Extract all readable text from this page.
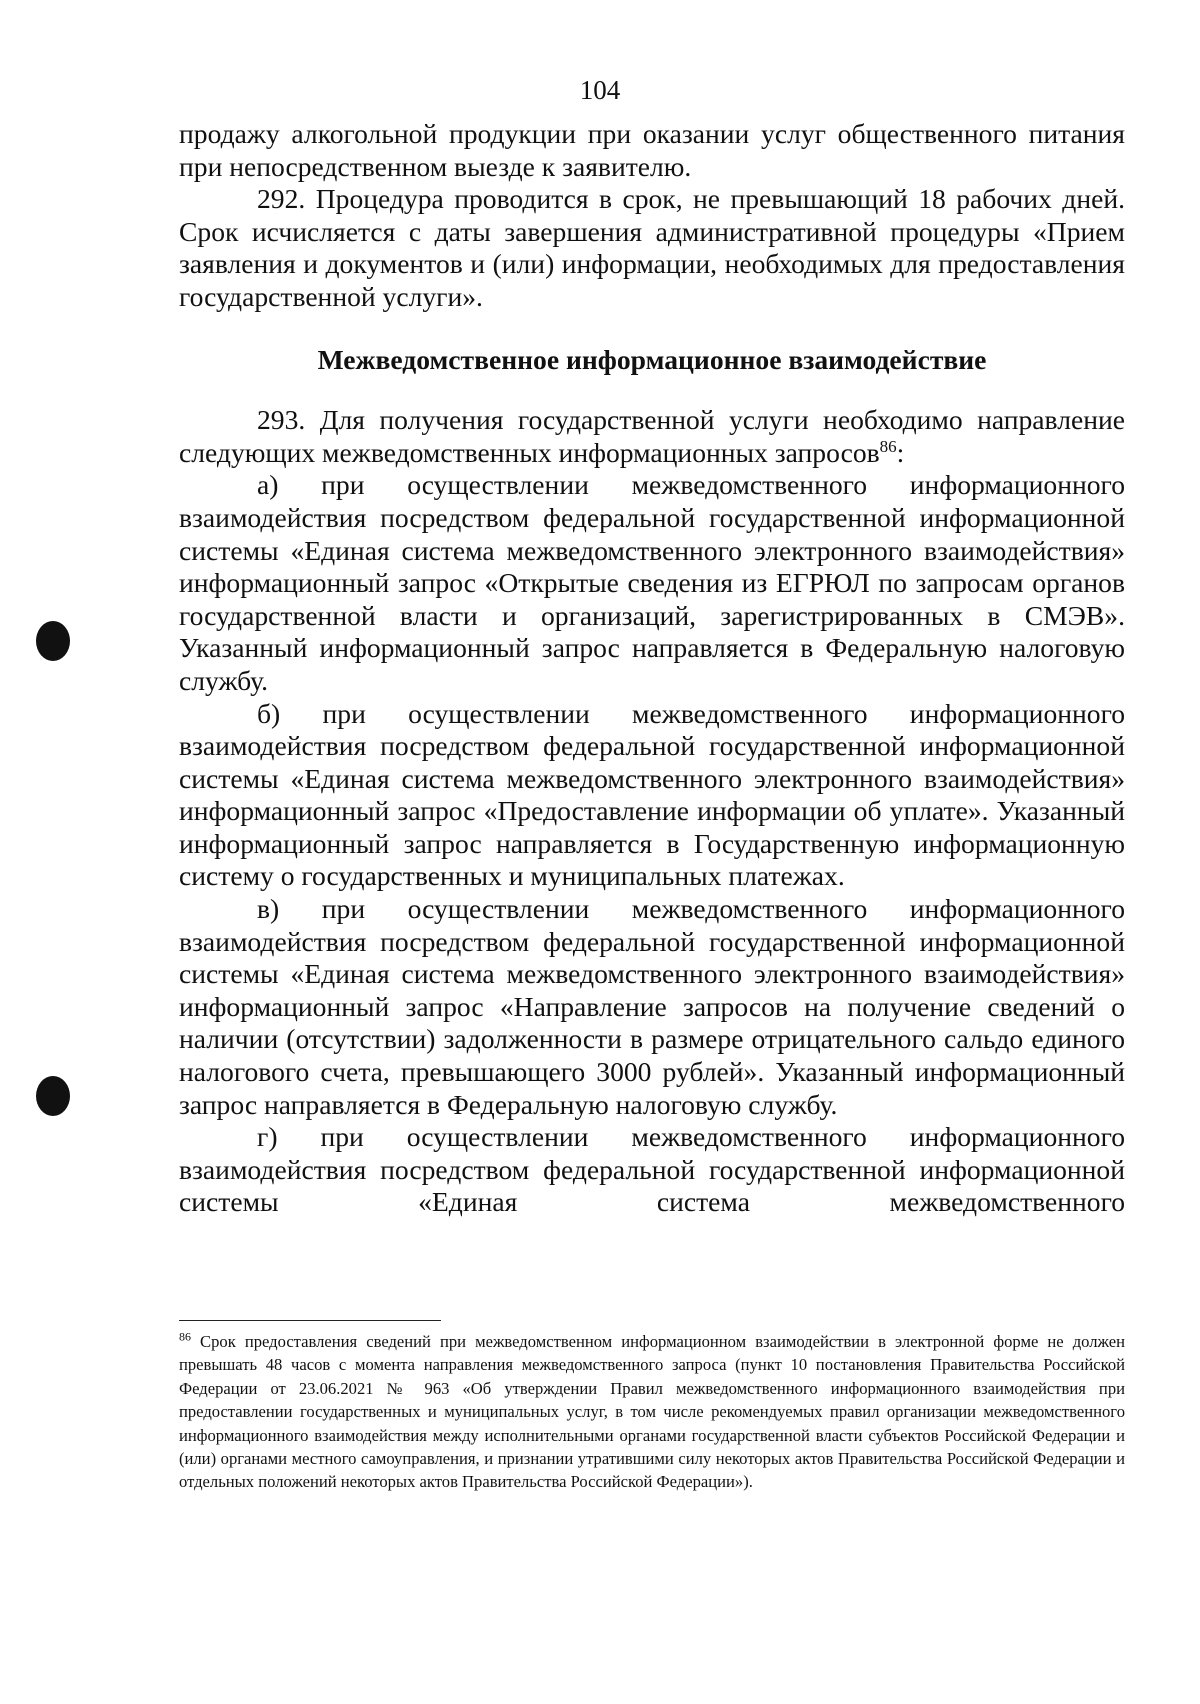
104

продажу алкогольной продукции при оказании услуг общественного питания при непосредственном выезде к заявителю.

292. Процедура проводится в срок, не превышающий 18 рабочих дней. Срок исчисляется с даты завершения административной процедуры «Прием заявления и документов и (или) информации, необходимых для предоставления государственной услуги».

Межведомственное информационное взаимодействие

293. Для получения государственной услуги необходимо направление следующих межведомственных информационных запросов$^{86}$:

а) при осуществлении межведомственного информационного взаимодействия посредством федеральной государственной информационной системы «Единая система межведомственного электронного взаимодействия» информационный запрос «Открытые сведения из ЕГРЮЛ по запросам органов государственной власти и организаций, зарегистрированных в СМЭВ». Указанный информационный запрос направляется в Федеральную налоговую службу.

б) при осуществлении межведомственного информационного взаимодействия посредством федеральной государственной информационной системы «Единая система межведомственного электронного взаимодействия» информационный запрос «Предоставление информации об уплате». Указанный информационный запрос направляется в Государственную информационную систему о государственных и муниципальных платежах.

в) при осуществлении межведомственного информационного взаимодействия посредством федеральной государственной информационной системы «Единая система межведомственного электронного взаимодействия» информационный запрос «Направление запросов на получение сведений о наличии (отсутствии) задолженности в размере отрицательного сальдо единого налогового счета, превышающего 3000 рублей». Указанный информационный запрос направляется в Федеральную налоговую службу.

г) при осуществлении межведомственного информационного взаимодействия посредством федеральной государственной информационной системы «Единая система межведомственного

$^{86}$ Срок предоставления сведений при межведомственном информационном взаимодействии в электронной форме не должен превышать 48 часов с момента направления межведомственного запроса (пункт 10 постановления Правительства Российской Федерации от 23.06.2021 № 963 «Об утверждении Правил межведомственного информационного взаимодействия при предоставлении государственных и муниципальных услуг, в том числе рекомендуемых правил организации межведомственного информационного взаимодействия между исполнительными органами государственной власти субъектов Российской Федерации и (или) органами местного самоуправления, и признании утратившими силу некоторых актов Правительства Российской Федерации и отдельных положений некоторых актов Правительства Российской Федерации»).
